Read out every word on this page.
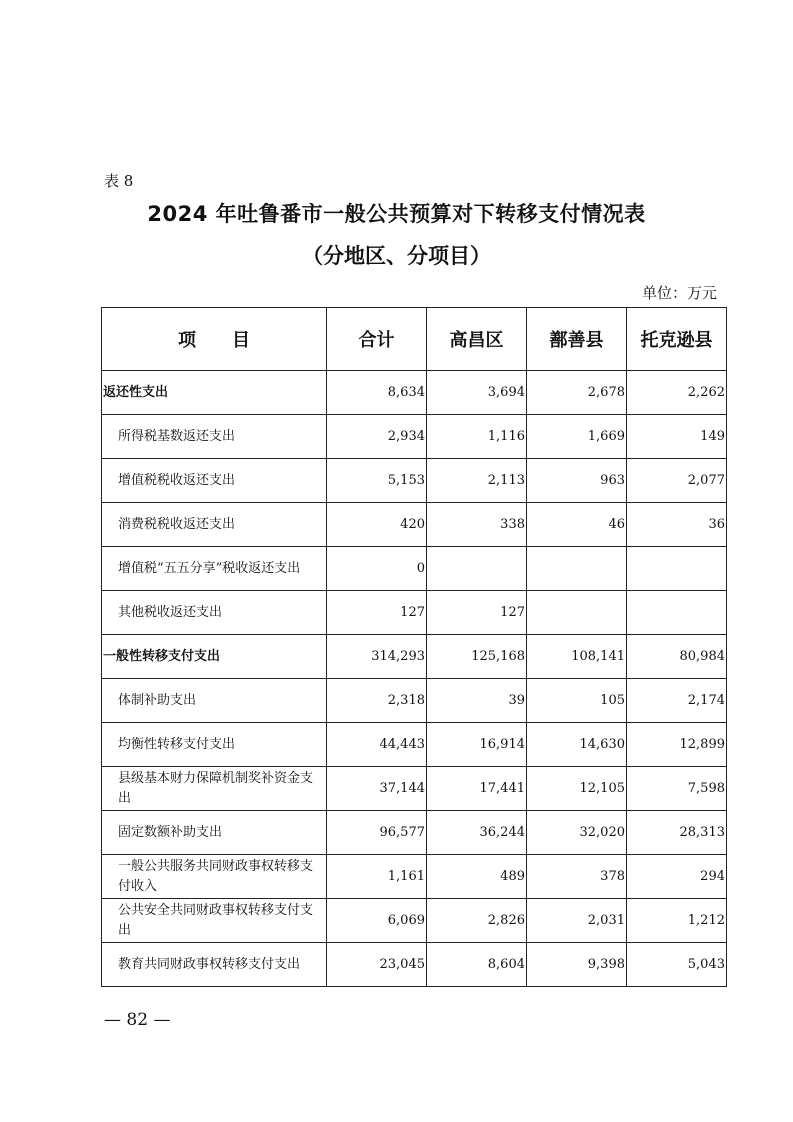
表 8
2024 年吐鲁番市一般公共预算对下转移支付情况表
（分地区、分项目）
单位：万元
项　　目	合计	高昌区	鄯善县	托克逊县
返还性支出	8,634	3,694	2,678	2,262
所得税基数返还支出	2,934	1,116	1,669	149
增值税税收返还支出	5,153	2,113	963	2,077
消费税税收返还支出	420	338	46	36
增值税“五五分享”税收返还支出	0			
其他税收返还支出	127	127		
一般性转移支付支出	314,293	125,168	108,141	80,984
体制补助支出	2,318	39	105	2,174
均衡性转移支付支出	44,443	16,914	14,630	12,899
县级基本财力保障机制奖补资金支出	37,144	17,441	12,105	7,598
固定数额补助支出	96,577	36,244	32,020	28,313
一般公共服务共同财政事权转移支付收入	1,161	489	378	294
公共安全共同财政事权转移支付支出	6,069	2,826	2,031	1,212
教育共同财政事权转移支付支出	23,045	8,604	9,398	5,043
— 82 —
